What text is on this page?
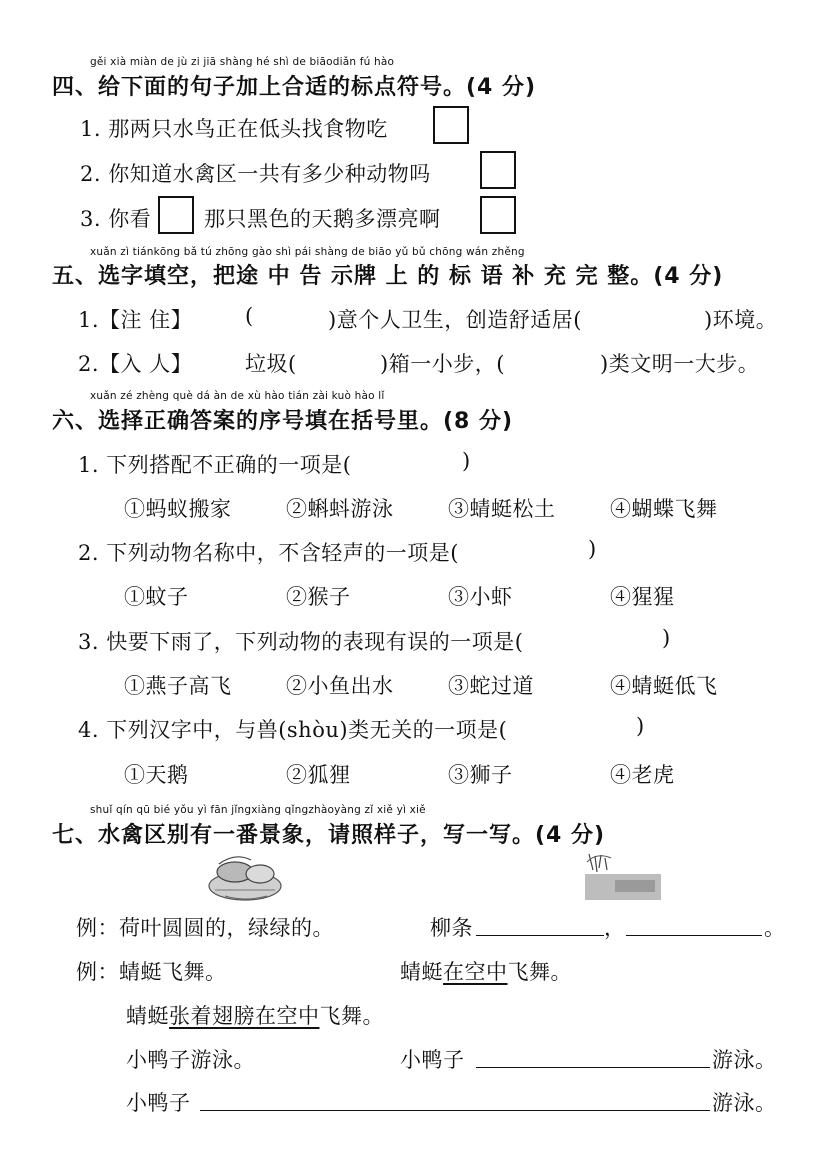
gěi xià miàn de jù zi jiā shàng hé shì de biāodiǎn fú hào
四、给下面的句子加上合适的标点符号。(4 分)
1. 那两只水鸟正在低头找食物吃
2. 你知道水禽区一共有多少种动物吗
3. 你看	那只黑色的天鹅多漂亮啊
xuǎn zì tiánkōng bǎ tú zhōng gào shì pái shàng de biāo yǔ bǔ chōng wán zhěng
五、选字填空，把途 中 告 示牌 上 的 标 语 补 充 完 整。(4 分)
1.【注 住】	(	)意个人卫生，创造舒适居(	)环境。
2.【入 人】	垃圾(	)箱一小步，(	)类文明一大步。
xuǎn zé zhèng què dá àn de xù hào tián zài kuò hào lǐ
六、选择正确答案的序号填在括号里。(8 分)
1. 下列搭配不正确的一项是(	)
①蚂蚁搬家	②蝌蚪游泳	③蜻蜓松土	④蝴蝶飞舞
2. 下列动物名称中，不含轻声的一项是(	)
①蚊子	②猴子	③小虾	④猩猩
3. 快要下雨了，下列动物的表现有误的一项是(	)
①燕子高飞	②小鱼出水	③蛇过道	④蜻蜓低飞
4. 下列汉字中，与兽(shòu)类无关的一项是(	)
①天鹅	②狐狸	③狮子	④老虎
shuǐ qín qū bié yǒu yì fān jǐngxiàng qǐngzhàoyàng zǐ xiě yì xiě
七、水禽区别有一番景象，请照样子，写一写。(4 分)
例：荷叶圆圆的，绿绿的。	柳条	，	。
例：蜻蜓飞舞。	蜻蜓在空中飞舞。
蜻蜓张着翅膀在空中飞舞。
小鸭子游泳。	小鸭子	游泳。
小鸭子	游泳。
